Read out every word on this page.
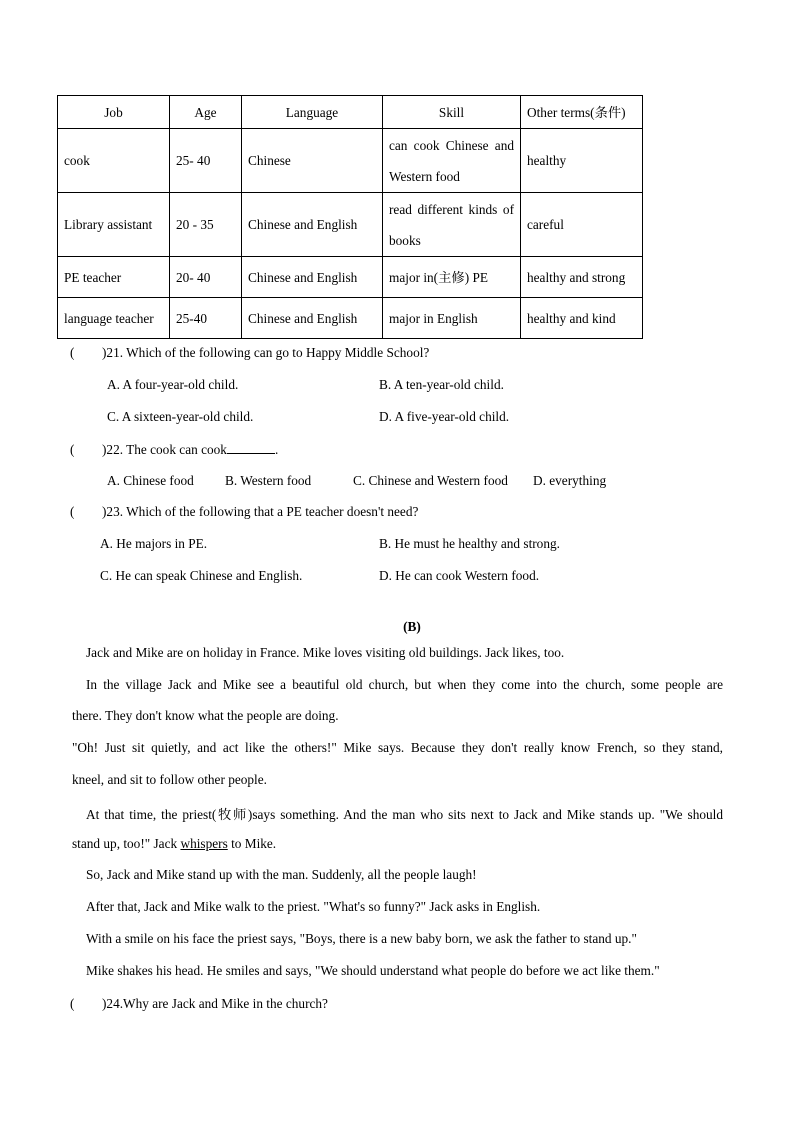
Job	Age	Language	Skill	Other terms(条件)
cook	25- 40	Chinese	can cook Chinese and Western food	healthy
Library assistant	20 - 35	Chinese and English	read different kinds of books	careful
PE teacher	20- 40	Chinese and English	major in(主修) PE	healthy and strong
language teacher	25-40	Chinese and English	major in English	healthy and kind
( )21. Which of the following can go to Happy Middle School?
A. A four-year-old child.	B. A ten-year-old child.
C. A sixteen-year-old child.	D. A five-year-old child.
( )22. The cook can cook	.
A. Chinese food B. Western food	C. Chinese and Western food D. everything
( )23. Which of the following that a PE teacher doesn't need?
A. He majors in PE.	B. He must he healthy and strong.
C. He can speak Chinese and English.	D. He can cook Western food.
(B)
Jack and Mike are on holiday in France. Mike loves visiting old buildings. Jack likes, too.
In the village Jack and Mike see a beautiful old church, but when they come into the church, some people are
there. They don't know what the people are doing.
"Oh! Just sit quietly, and act like the others!" Mike says. Because they don't really know French, so they stand,
kneel, and sit to follow other people.
At that time, the priest(牧师)says something. And the man who sits next to Jack and Mike stands up. "We should
stand up, too!" Jack whispers to Mike.
So, Jack and Mike stand up with the man. Suddenly, all the people laugh!
After that, Jack and Mike walk to the priest. "What's so funny?" Jack asks in English.
With a smile on his face the priest says, "Boys, there is a new baby born, we ask the father to stand up."
Mike shakes his head. He smiles and says, "We should understand what people do before we act like them."
( )24.Why are Jack and Mike in the church?
